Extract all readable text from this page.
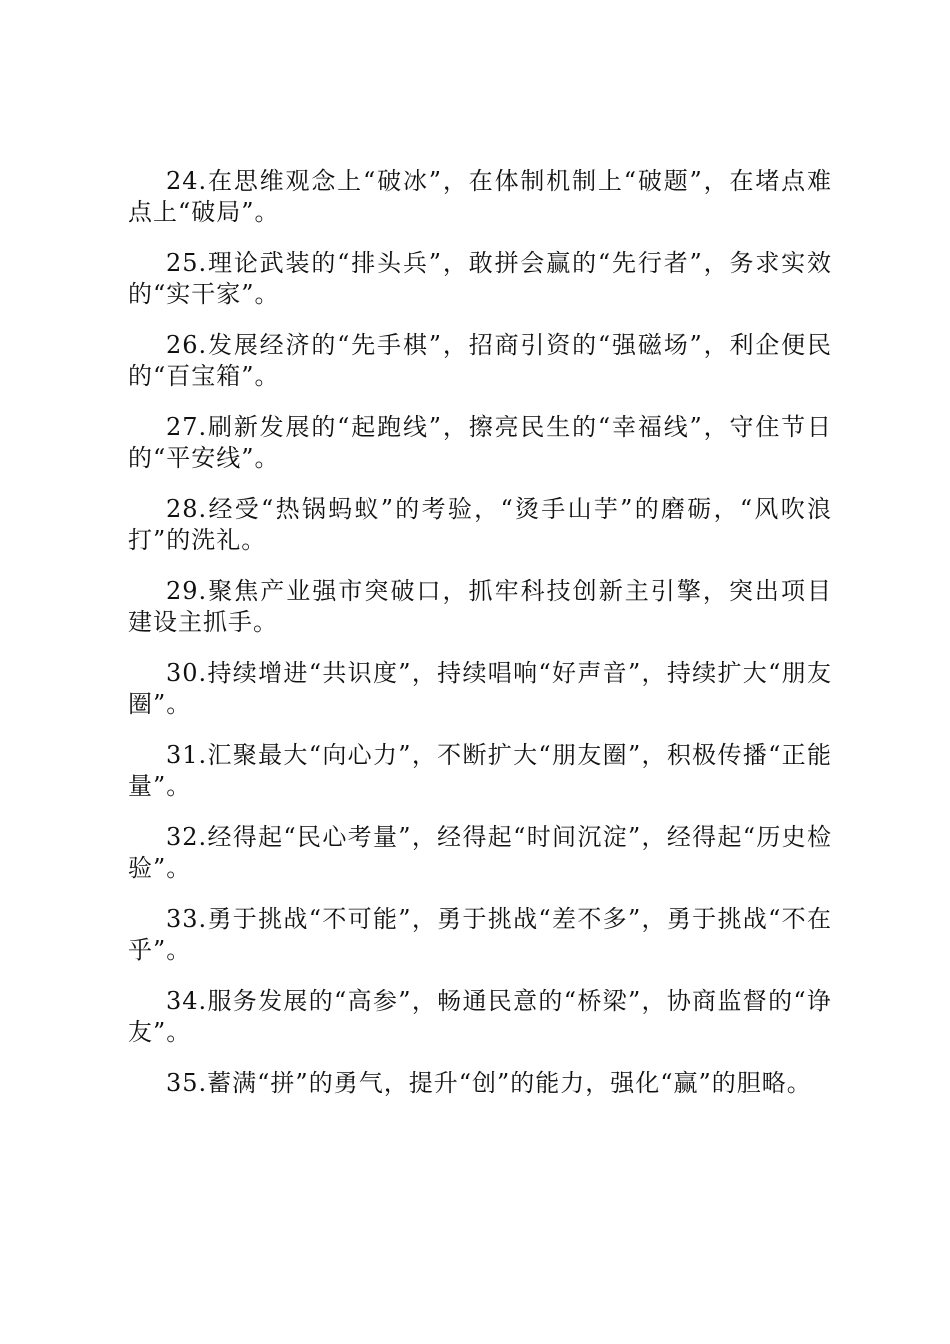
24.在思维观念上“破冰”，在体制机制上“破题”，在堵点难点上“破局”。

25.理论武装的“排头兵”，敢拼会赢的“先行者”，务求实效的“实干家”。

26.发展经济的“先手棋”，招商引资的“强磁场”，利企便民的“百宝箱”。

27.刷新发展的“起跑线”，擦亮民生的“幸福线”，守住节日的“平安线”。

28.经受“热锅蚂蚁”的考验，“烫手山芋”的磨砺，“风吹浪打”的洗礼。

29.聚焦产业强市突破口，抓牢科技创新主引擎，突出项目建设主抓手。

30.持续增进“共识度”，持续唱响“好声音”，持续扩大“朋友圈”。

31.汇聚最大“向心力”，不断扩大“朋友圈”，积极传播“正能量”。

32.经得起“民心考量”，经得起“时间沉淀”，经得起“历史检验”。

33.勇于挑战“不可能”，勇于挑战“差不多”，勇于挑战“不在乎”。

34.服务发展的“高参”，畅通民意的“桥梁”，协商监督的“诤友”。

35.蓄满“拼”的勇气，提升“创”的能力，强化“赢”的胆略。
